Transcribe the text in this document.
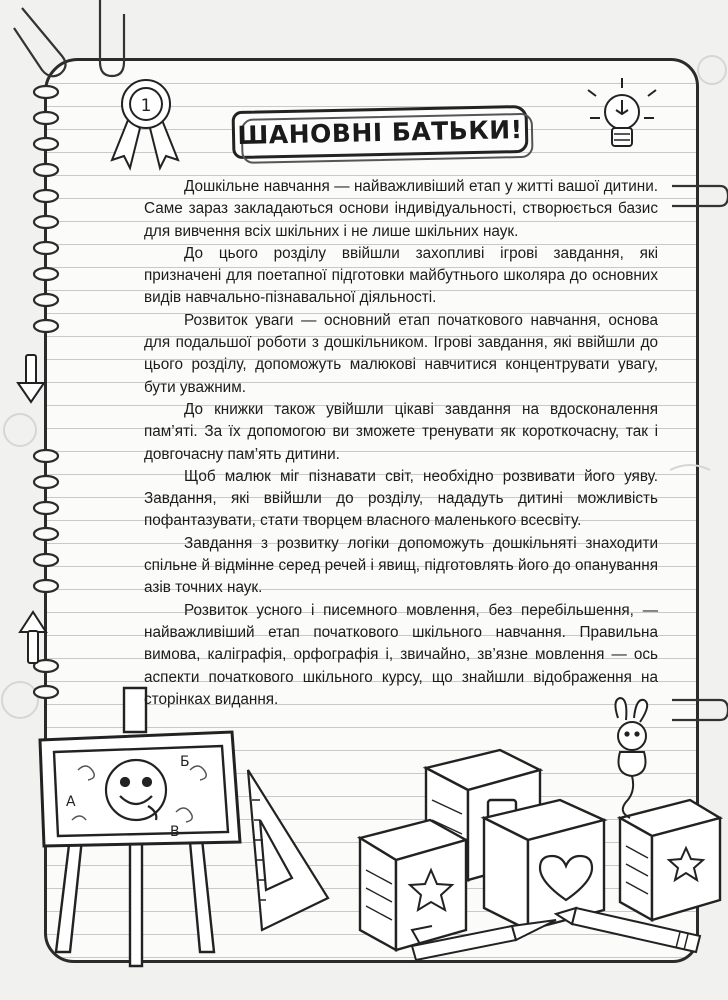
1
Б
А
В
ШАНОВНІ БАТЬКИ!

Дошкільне навчання — найважливіший етап у житті вашої дитини. Саме зараз закладаються основи індивідуальності, створюється базис для вивчення всіх шкільних і не лише шкільних наук.

До цього розділу ввійшли захопливі ігрові завдання, які призначені для поетапної підготовки майбутнього школяра до основних видів навчально-пізнавальної діяльності.

Розвиток уваги — основний етап початкового навчання, основа для подальшої роботи з дошкільником. Ігрові завдання, які ввійшли до цього розділу, допоможуть малюкові навчитися концентрувати увагу, бути уважним.

До книжки також увійшли цікаві завдання на вдосконалення пам’яті. За їх допомогою ви зможете тренувати як короткочасну, так і довгочасну пам’ять дитини.

Щоб малюк міг пізнавати світ, необхідно розвивати його уяву. Завдання, які ввійшли до розділу, нададуть дитині можливість пофантазувати, стати творцем власного маленького всесвіту.

Завдання з розвитку логіки допоможуть дошкільняті знаходити спільне й відмінне серед речей і явищ, підготовлять його до опанування азів точних наук.

Розвиток усного і писемного мовлення, без перебільшення, — найважливіший етап початкового шкільного навчання. Правильна вимова, каліграфія, орфографія і, звичайно, зв’язне мовлення — ось аспекти початкового шкільного курсу, що знайшли відображення на сторінках видання.
